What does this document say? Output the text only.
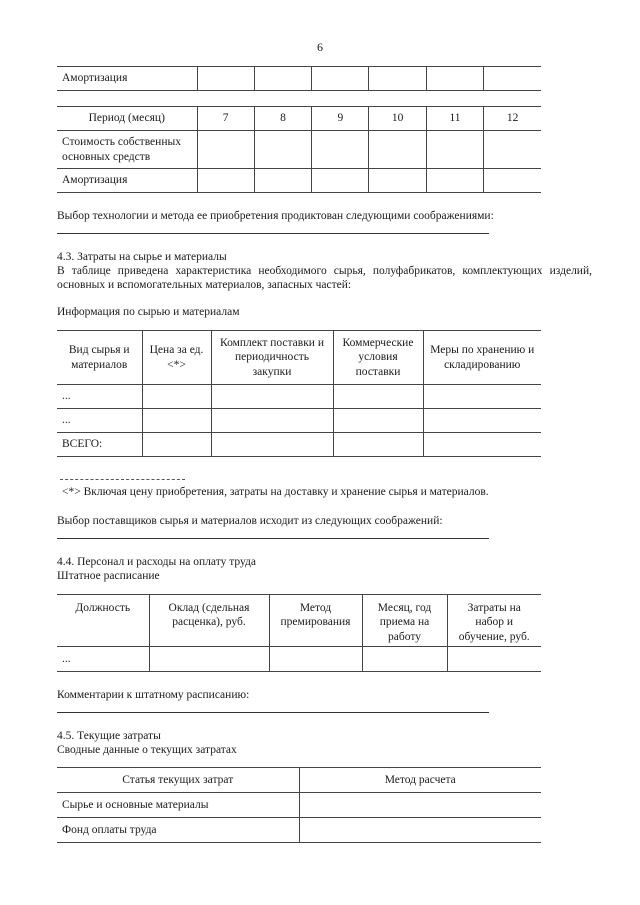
6
Амортизация						
Период (месяц)	7	8	9	10	11	12
Стоимость собственных основных средств						
Амортизация						
Выбор технологии и метода ее приобретения продиктован следующими соображениями:
4.3. Затраты на сырье и материалы
В таблице приведена характеристика необходимого сырья, полуфабрикатов, комплектующих изделий, основных и вспомогательных материалов, запасных частей:
Информация по сырью и материалам
Вид сырья и материалов	Цена за ед. <*>	Комплект поставки и периодичность закупки	Коммерческие условия поставки	Меры по хранению и складированию
...				
...				
ВСЕГО:				
<*> Включая цену приобретения, затраты на доставку и хранение сырья и материалов.
Выбор поставщиков сырья и материалов исходит из следующих соображений:
4.4. Персонал и расходы на оплату труда
Штатное расписание
Должность	Оклад (сдельная расценка), руб.	Метод премирования	Месяц, год приема на работу	Затраты на набор и обучение, руб.
...				
Комментарии к штатному расписанию:
4.5. Текущие затраты
Сводные данные о текущих затратах
Статья текущих затрат	Метод расчета
Сырье и основные материалы	
Фонд оплаты труда	
